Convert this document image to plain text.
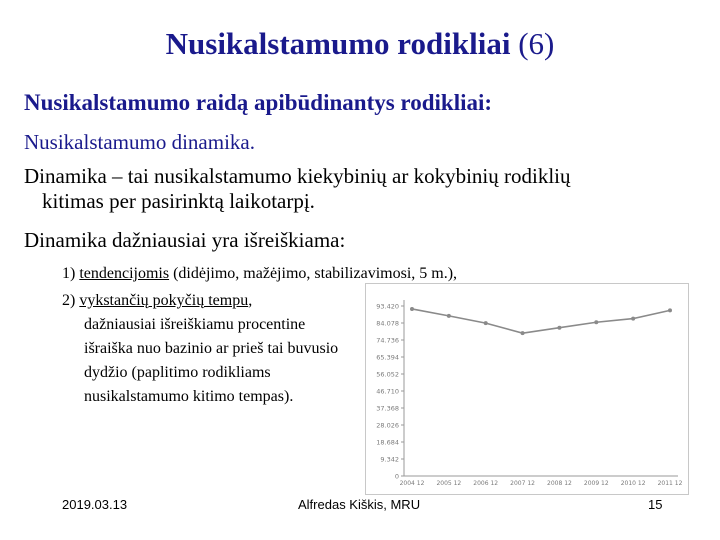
Nusikalstamumo rodikliai (6)
Nusikalstamumo raidą apibūdinantys rodikliai:
Nusikalstamumo dinamika.
Dinamika – tai nusikalstamumo kiekybinių ar kokybinių rodiklių
kitimas per pasirinktą laikotarpį.
Dinamika dažniausiai yra išreiškiama:
1) tendencijomis (didėjimo, mažėjimo, stabilizavimosi, 5 m.),
2) vykstančių pokyčių tempu,
dažniausiai išreiškiamu procentine išraiška nuo bazinio ar prieš tai buvusio dydžio (paplitimo rodikliams nusikalstamumo kitimo tempas).
93.420
84.078
74.736
65.394
56.052
46.710
37.368
28.026
18.684
9.342
0
2004 12 2005 12 2006 12 2007 12 2008 12 2009 12 2010 12 2011 12
2019.03.13	Alfredas Kiškis, MRU	15
